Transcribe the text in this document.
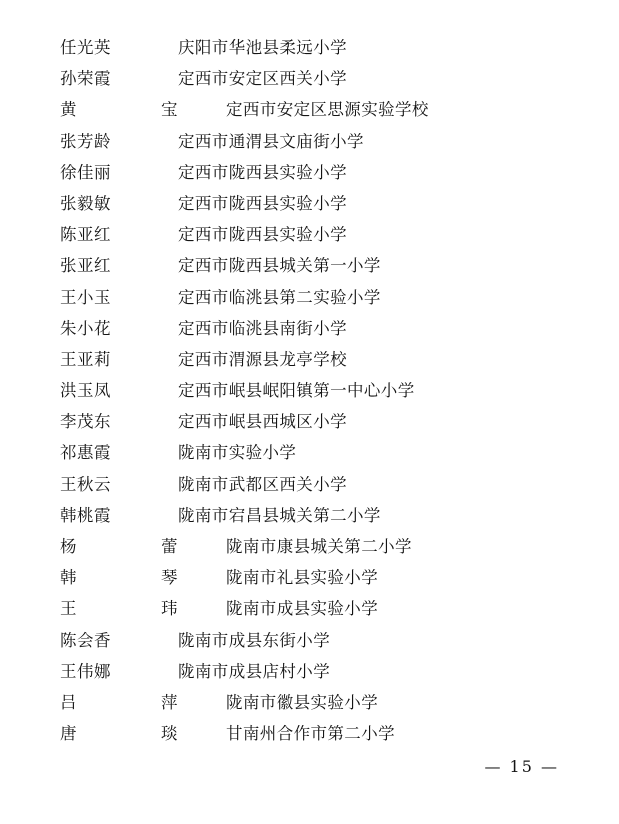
任光英	庆阳市华池县柔远小学
孙荣霞	定西市安定区西关小学
黄宝	定西市安定区思源实验学校
张芳龄	定西市通渭县文庙街小学
徐佳丽	定西市陇西县实验小学
张毅敏	定西市陇西县实验小学
陈亚红	定西市陇西县实验小学
张亚红	定西市陇西县城关第一小学
王小玉	定西市临洮县第二实验小学
朱小花	定西市临洮县南街小学
王亚莉	定西市渭源县龙亭学校
洪玉凤	定西市岷县岷阳镇第一中心小学
李茂东	定西市岷县西城区小学
祁惠霞	陇南市实验小学
王秋云	陇南市武都区西关小学
韩桃霞	陇南市宕昌县城关第二小学
杨蕾	陇南市康县城关第二小学
韩琴	陇南市礼县实验小学
王玮	陇南市成县实验小学
陈会香	陇南市成县东街小学
王伟娜	陇南市成县店村小学
吕萍	陇南市徽县实验小学
唐琰	甘南州合作市第二小学
— 15 —
